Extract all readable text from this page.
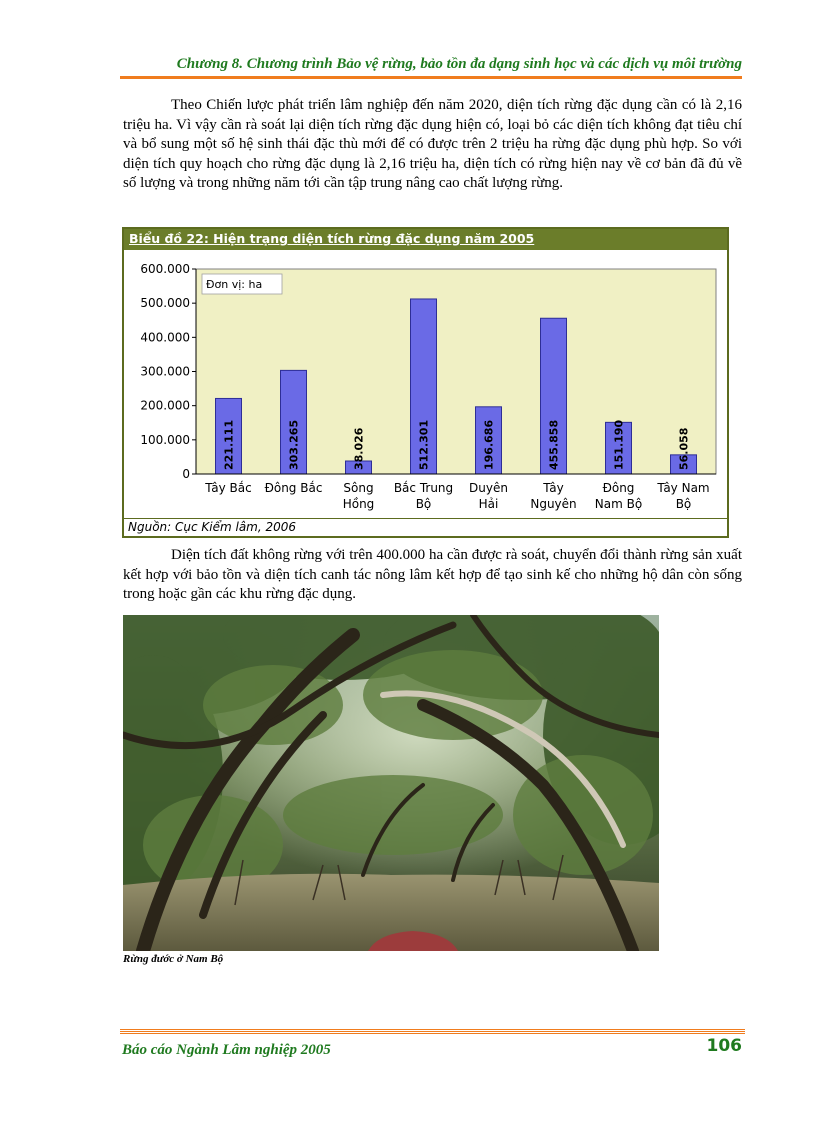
Chương 8. Chương trình Bảo vệ rừng, bảo tồn đa dạng sinh học và các dịch vụ môi trường

Theo Chiến lược phát triển lâm nghiệp đến năm 2020, diện tích rừng đặc dụng cần có là 2,16 triệu ha. Vì vậy cần rà soát lại diện tích rừng đặc dụng hiện có, loại bỏ các diện tích không đạt tiêu chí và bổ sung một số hệ sinh thái đặc thù mới để có được trên 2 triệu ha rừng đặc dụng phù hợp. So với diện tích quy hoạch cho rừng đặc dụng là 2,16 triệu ha, diện tích có rừng hiện nay về cơ bản đã đủ về số lượng và trong những năm tới cần tập trung nâng cao chất lượng rừng.

Biểu đồ 22: Hiện trạng diện tích rừng đặc dụng năm 2005
0
100.000
200.000
300.000
400.000
500.000
600.000
Đơn vị: ha
221.111
Tây Bắc
303.265
Đông Bắc
38.026
Sông
Hồng
512.301
Bắc Trung
Bộ
196.686
Duyên
Hải
455.858
Tây
Nguyên
151.190
Đông
Nam Bộ
56.058
Tây Nam
Bộ
Nguồn: Cục Kiểm lâm, 2006

Diện tích đất không rừng với trên 400.000 ha cần được rà soát, chuyển đổi thành rừng sản xuất kết hợp với bảo tồn và diện tích canh tác nông lâm kết hợp để tạo sinh kế cho những hộ dân còn sống trong hoặc gần các khu rừng đặc dụng.

Rừng đước ở Nam Bộ
Báo cáo Ngành Lâm nghiệp 2005	106
